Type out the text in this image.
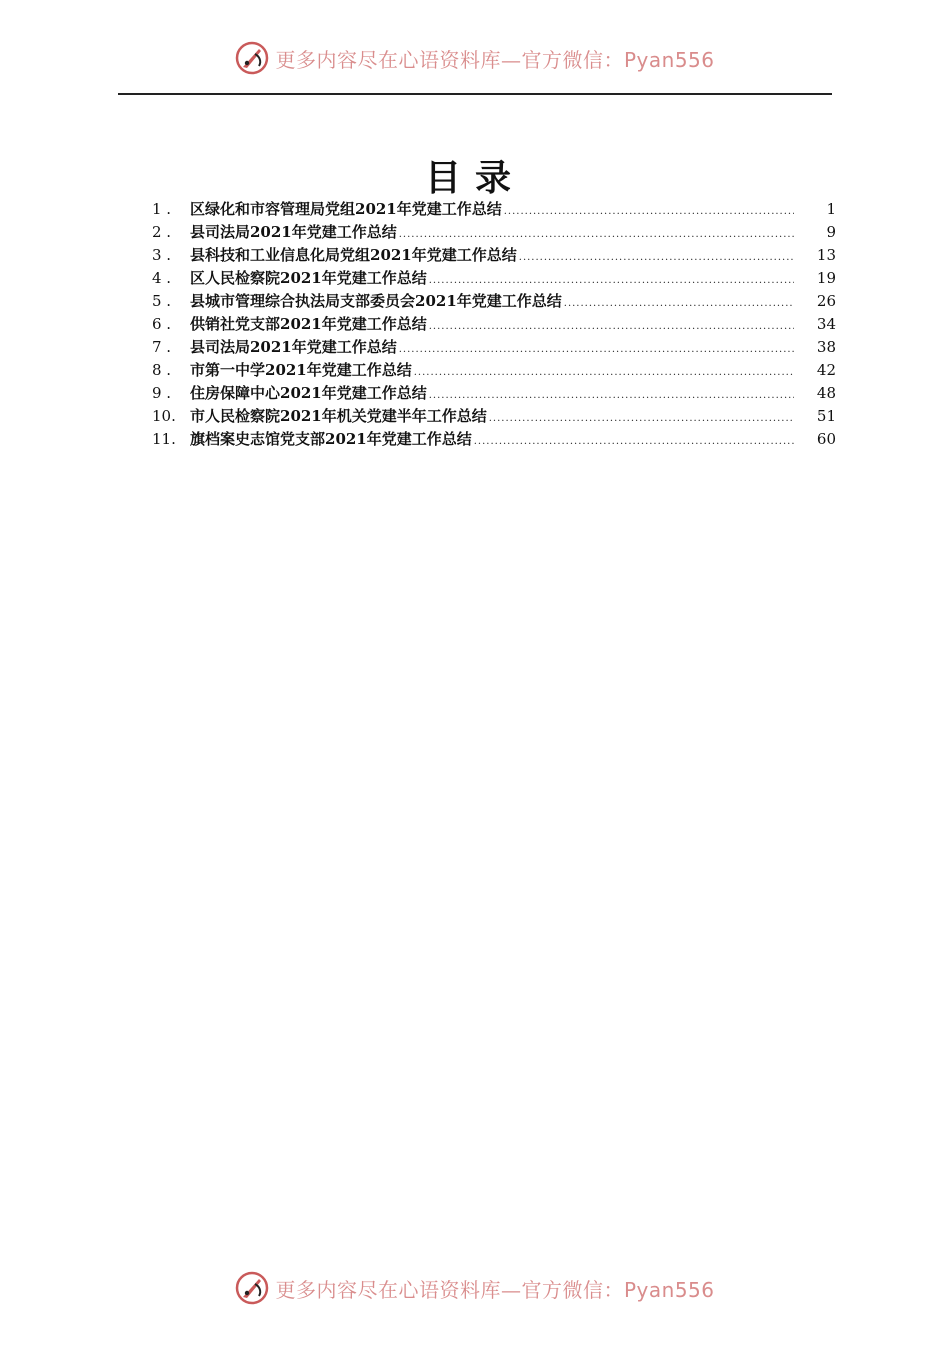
更多内容尽在心语资料库—官方微信：Pyan556
目录
1 .	区绿化和市容管理局党组2021年党建工作总结 .....	1
2 .	县司法局2021年党建工作总结 .....	9
3 .	县科技和工业信息化局党组2021年党建工作总结 .....	13
4 .	区人民检察院2021年党建工作总结 .....	19
5 .	县城市管理综合执法局支部委员会2021年党建工作总结 .....	26
6 .	供销社党支部2021年党建工作总结 .....	34
7 .	县司法局2021年党建工作总结 .....	38
8 .	市第一中学2021年党建工作总结 .....	42
9 .	住房保障中心2021年党建工作总结 .....	48
10. 市人民检察院2021年机关党建半年工作总结 .....	51
11. 旗档案史志馆党支部2021年党建工作总结 .....	60
更多内容尽在心语资料库—官方微信：Pyan556
